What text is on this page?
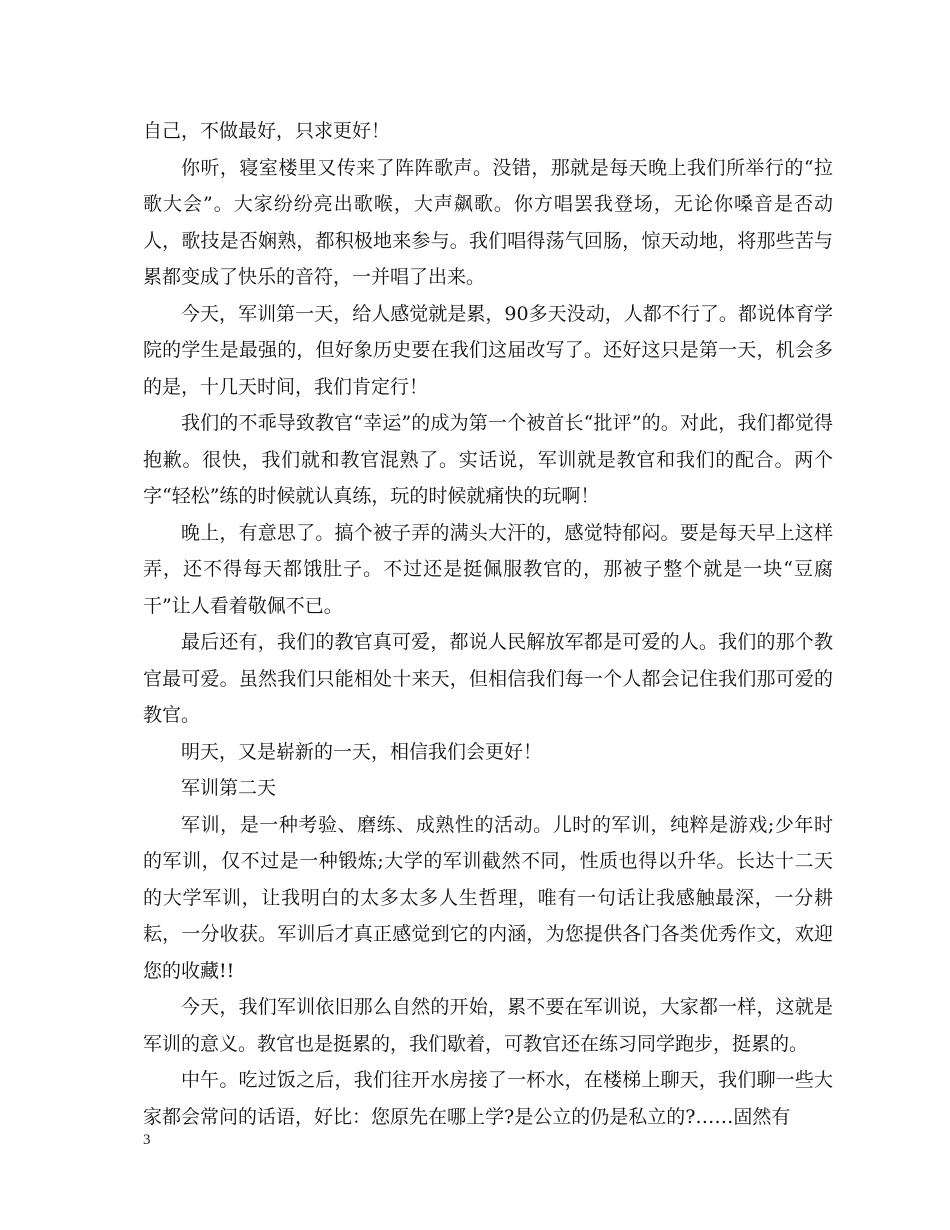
自己，不做最好，只求更好！

你听，寝室楼里又传来了阵阵歌声。没错，那就是每天晚上我们所举行的“拉歌大会”。大家纷纷亮出歌喉，大声飙歌。你方唱罢我登场，无论你嗓音是否动人，歌技是否娴熟，都积极地来参与。我们唱得荡气回肠，惊天动地，将那些苦与累都变成了快乐的音符，一并唱了出来。

今天，军训第一天，给人感觉就是累，90多天没动，人都不行了。都说体育学院的学生是最强的，但好象历史要在我们这届改写了。还好这只是第一天，机会多的是，十几天时间，我们肯定行！

我们的不乖导致教官“幸运”的成为第一个被首长“批评”的。对此，我们都觉得抱歉。很快，我们就和教官混熟了。实话说，军训就是教官和我们的配合。两个字“轻松”练的时候就认真练，玩的时候就痛快的玩啊！

晚上，有意思了。搞个被子弄的满头大汗的，感觉特郁闷。要是每天早上这样弄，还不得每天都饿肚子。不过还是挺佩服教官的，那被子整个就是一块“豆腐干”让人看着敬佩不已。

最后还有，我们的教官真可爱，都说人民解放军都是可爱的人。我们的那个教官最可爱。虽然我们只能相处十来天，但相信我们每一个人都会记住我们那可爱的教官。

明天，又是崭新的一天，相信我们会更好！

军训第二天

军训，是一种考验、磨练、成熟性的活动。儿时的军训，纯粹是游戏;少年时的军训，仅不过是一种锻炼;大学的军训截然不同，性质也得以升华。长达十二天的大学军训，让我明白的太多太多人生哲理，唯有一句话让我感触最深，一分耕耘，一分收获。军训后才真正感觉到它的内涵，为您提供各门各类优秀作文，欢迎您的收藏!!

今天，我们军训依旧那么自然的开始，累不要在军训说，大家都一样，这就是军训的意义。教官也是挺累的，我们歇着，可教官还在练习同学跑步，挺累的。

中午。吃过饭之后，我们往开水房接了一杯水，在楼梯上聊天，我们聊一些大家都会常问的话语，好比：您原先在哪上学?是公立的仍是私立的?……固然有

3
